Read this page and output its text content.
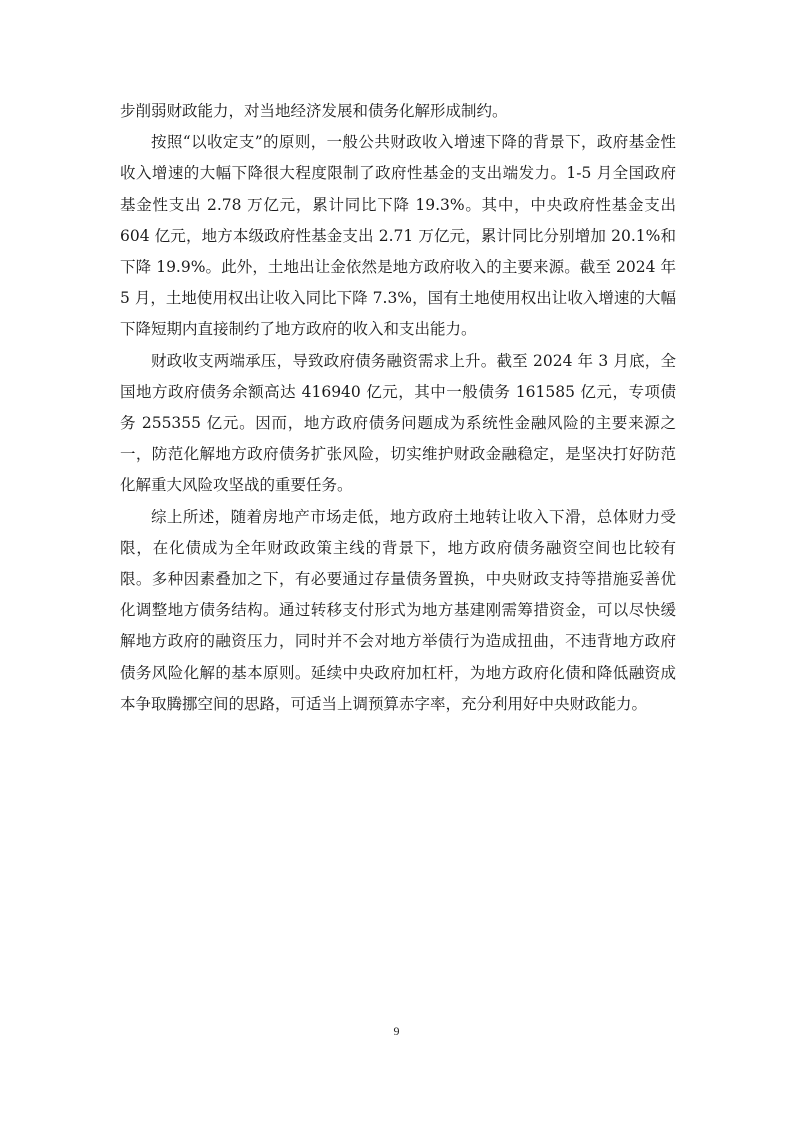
步削弱财政能力，对当地经济发展和债务化解形成制约。

按照“以收定支”的原则，一般公共财政收入增速下降的背景下，政府基金性收入增速的大幅下降很大程度限制了政府性基金的支出端发力。1-5 月全国政府基金性支出 2.78 万亿元，累计同比下降 19.3%。其中，中央政府性基金支出 604 亿元，地方本级政府性基金支出 2.71 万亿元，累计同比分别增加 20.1%和下降 19.9%。此外，土地出让金依然是地方政府收入的主要来源。截至 2024 年 5 月，土地使用权出让收入同比下降 7.3%，国有土地使用权出让收入增速的大幅下降短期内直接制约了地方政府的收入和支出能力。

财政收支两端承压，导致政府债务融资需求上升。截至 2024 年 3 月底，全国地方政府债务余额高达 416940 亿元，其中一般债务 161585 亿元，专项债务 255355 亿元。因而，地方政府债务问题成为系统性金融风险的主要来源之一，防范化解地方政府债务扩张风险，切实维护财政金融稳定，是坚决打好防范化解重大风险攻坚战的重要任务。

综上所述，随着房地产市场走低，地方政府土地转让收入下滑，总体财力受限，在化债成为全年财政政策主线的背景下，地方政府债务融资空间也比较有限。多种因素叠加之下，有必要通过存量债务置换，中央财政支持等措施妥善优化调整地方债务结构。通过转移支付形式为地方基建刚需筹措资金，可以尽快缓解地方政府的融资压力，同时并不会对地方举债行为造成扭曲，不违背地方政府债务风险化解的基本原则。延续中央政府加杠杆，为地方政府化债和降低融资成本争取腾挪空间的思路，可适当上调预算赤字率，充分利用好中央财政能力。

9
